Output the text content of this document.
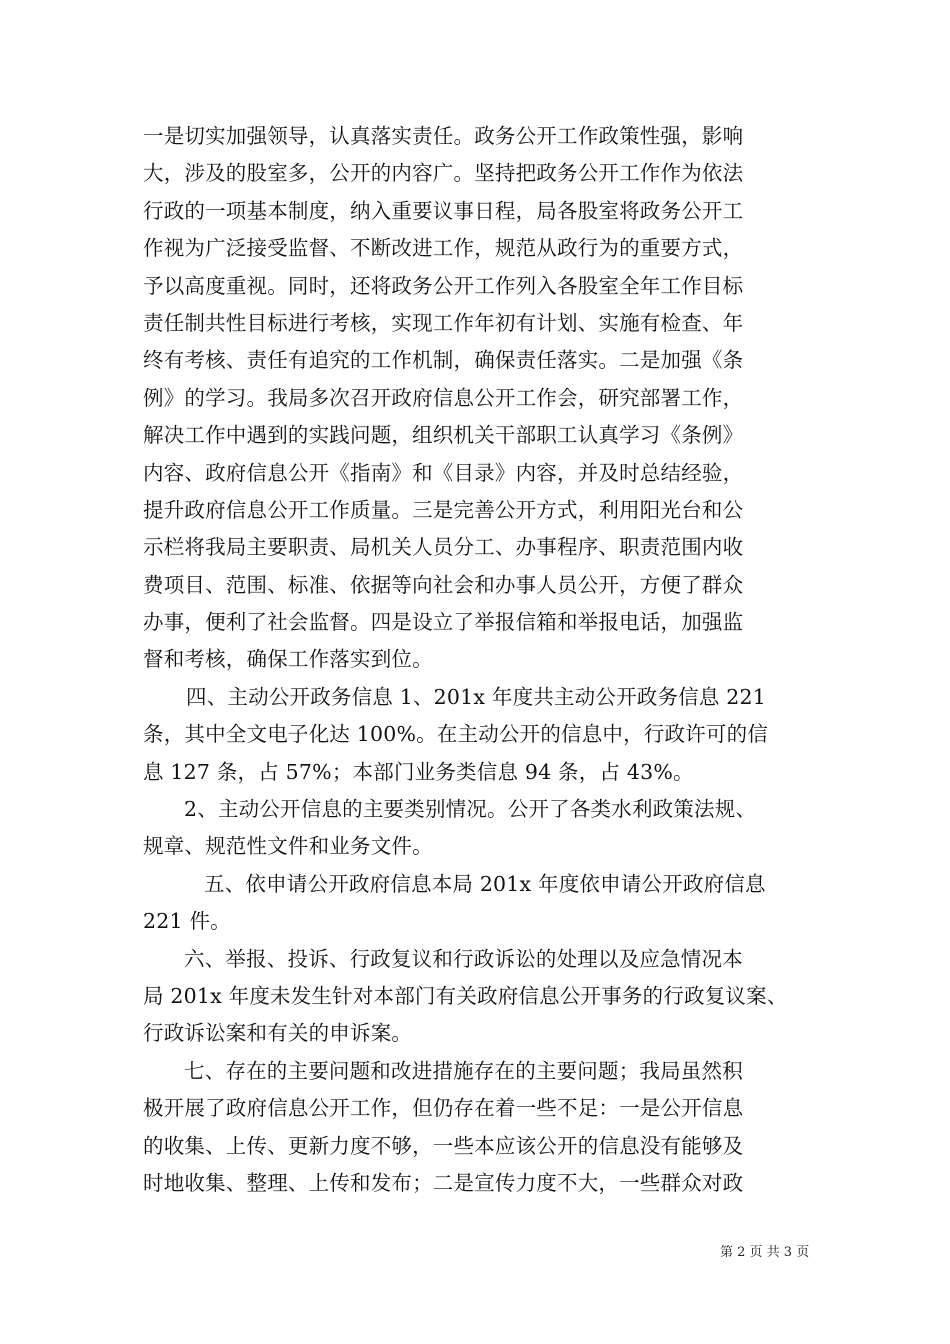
一是切实加强领导，认真落实责任。政务公开工作政策性强，影响
大，涉及的股室多，公开的内容广。坚持把政务公开工作作为依法
行政的一项基本制度，纳入重要议事日程，局各股室将政务公开工
作视为广泛接受监督、不断改进工作，规范从政行为的重要方式，
予以高度重视。同时，还将政务公开工作列入各股室全年工作目标
责任制共性目标进行考核，实现工作年初有计划、实施有检查、年
终有考核、责任有追究的工作机制，确保责任落实。二是加强《条
例》的学习。我局多次召开政府信息公开工作会，研究部署工作，
解决工作中遇到的实践问题，组织机关干部职工认真学习《条例》
内容、政府信息公开《指南》和《目录》内容，并及时总结经验，
提升政府信息公开工作质量。三是完善公开方式，利用阳光台和公
示栏将我局主要职责、局机关人员分工、办事程序、职责范围内收
费项目、范围、标准、依据等向社会和办事人员公开，方便了群众
办事，便利了社会监督。四是设立了举报信箱和举报电话，加强监
督和考核，确保工作落实到位。
四、主动公开政务信息 1、201x 年度共主动公开政务信息 221
条，其中全文电子化达 100%。在主动公开的信息中，行政许可的信
息 127 条，占 57%；本部门业务类信息 94 条，占 43%。
2、主动公开信息的主要类别情况。公开了各类水利政策法规、
规章、规范性文件和业务文件。
五、依申请公开政府信息本局 201x 年度依申请公开政府信息
221 件。
六、举报、投诉、行政复议和行政诉讼的处理以及应急情况本
局 201x 年度未发生针对本部门有关政府信息公开事务的行政复议案、
行政诉讼案和有关的申诉案。
七、存在的主要问题和改进措施存在的主要问题；我局虽然积
极开展了政府信息公开工作，但仍存在着一些不足：一是公开信息
的收集、上传、更新力度不够，一些本应该公开的信息没有能够及
时地收集、整理、上传和发布；二是宣传力度不大，一些群众对政
第 2 页 共 3 页
